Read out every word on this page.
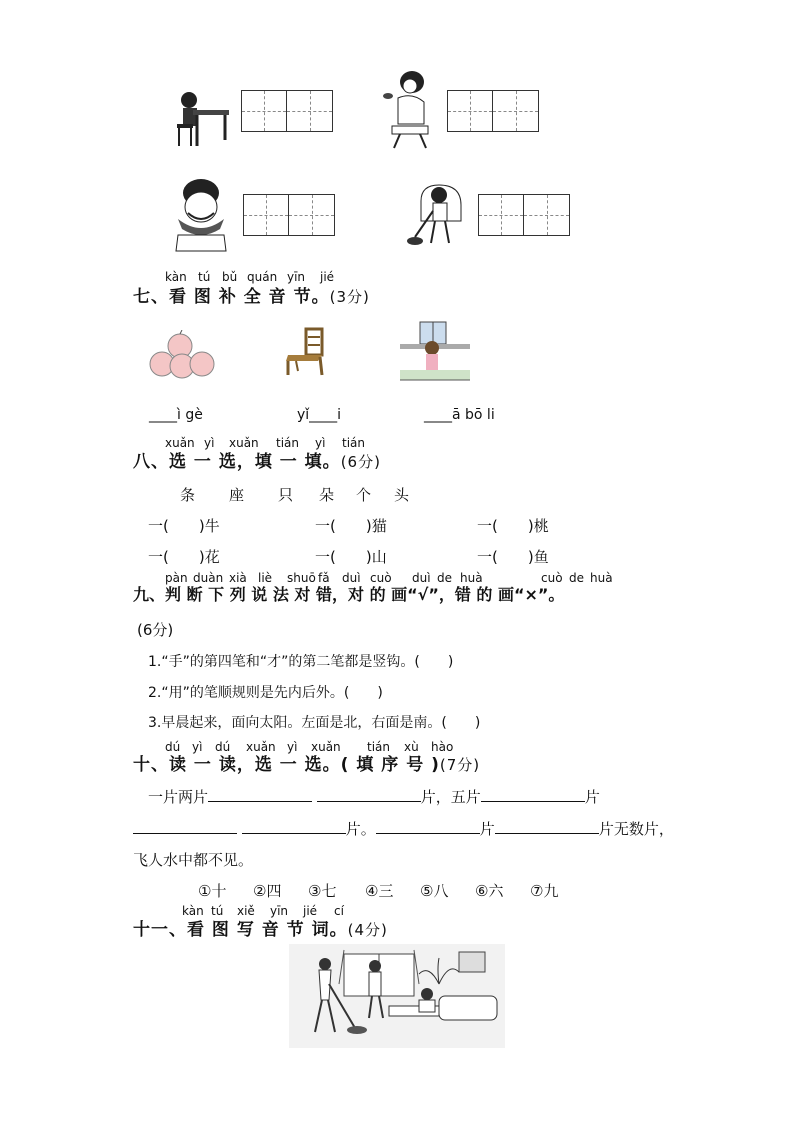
kàn tú bǔ quán yīn jié
七、看 图 补 全 音 节。(3分)
____ì gè	yǐ____i	____ā bō li
xuǎn yì xuǎn tián yì tián
八、选 一 选，填 一 填。(6分)
条 座 只 朵 个 头
一(　　)牛	一(　　)猫	一(　　)桃
一(　　)花	一(　　)山	一(　　)鱼
pàn duàn xià liè shuō fǎ duì cuò duì de huà	cuò de huà
九、判 断 下 列 说 法 对 错，对 的 画“√”，错 的 画“×”。
(6分)
1.“手”的第四笔和“才”的第二笔都是竖钩。(　　)
2.“用”的笔顺规则是先内后外。(　　)
3.早晨起来，面向太阳。左面是北，右面是南。(　　)
dú yì dú xuǎn yì xuǎn tián xù hào
十、读 一 读，选 一 选。( 填 序 号 )(7分)
一片两片	片，五片	片
片。	片	片无数片，
飞人水中都不见。
①十 ②四 ③七 ④三 ⑤八 ⑥六 ⑦九
kàn tú xiě yīn jié cí
十一、看 图 写 音 节 词。(4分)
